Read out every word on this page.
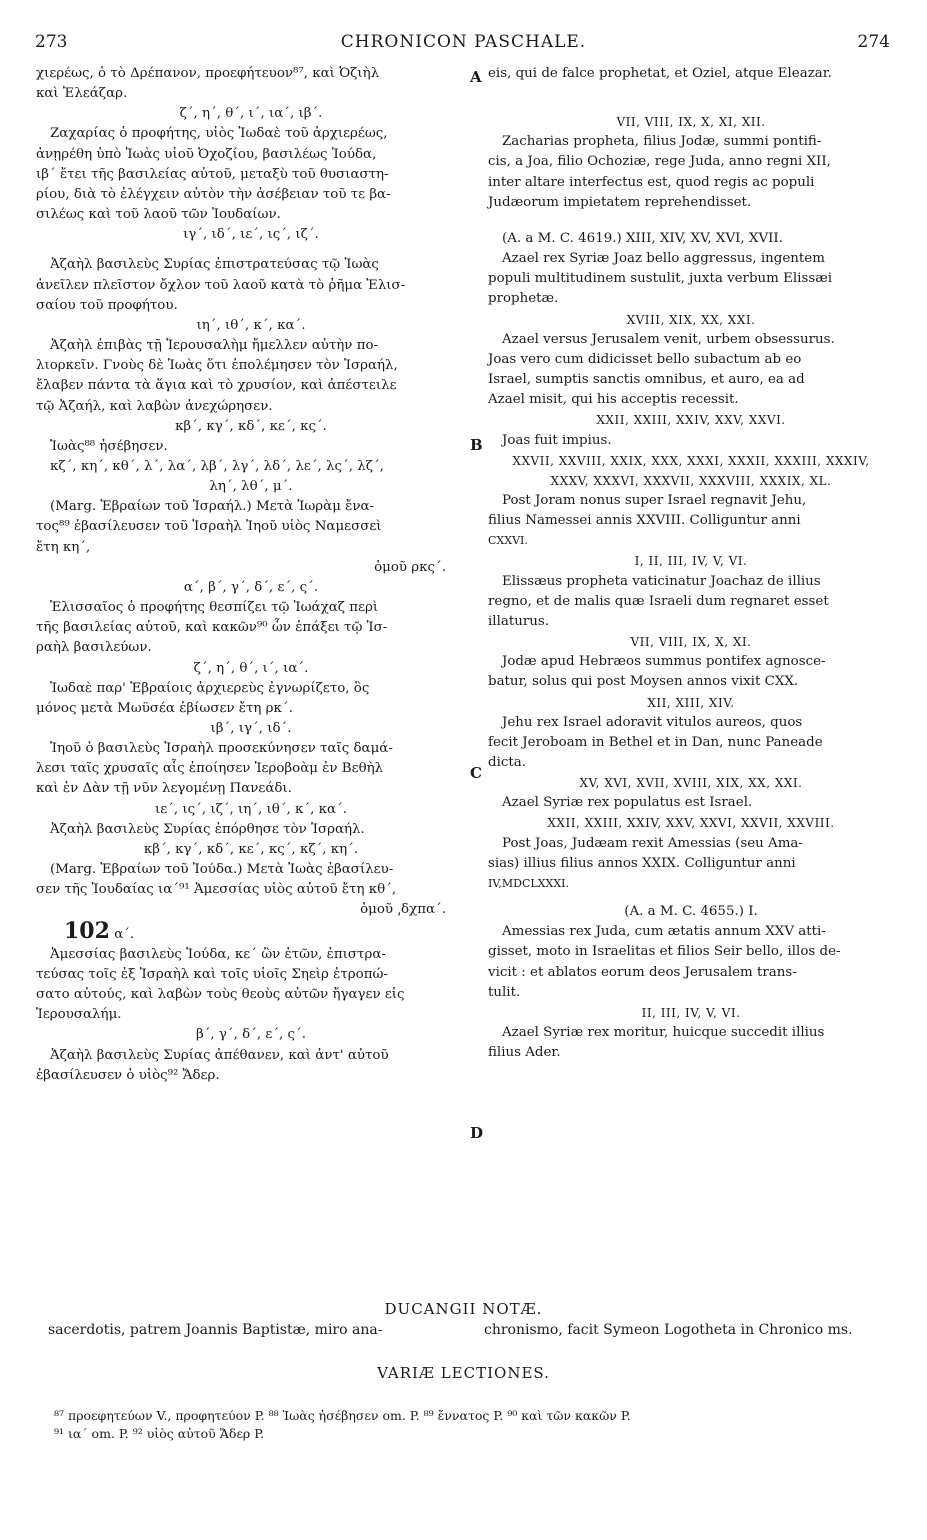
273	CHRONICON PASCHALE.	274
χιερέως, ὁ τὸ Δρέπανον, προεφήτευον⁸⁷, καὶ Ὀζιὴλ
καὶ Ἐλεάζαρ.
ζ΄, η΄, θ΄, ι΄, ια΄, ιβ΄.
Ζαχαρίας ὁ προφήτης, υἱὸς Ἰωδαὲ τοῦ ἀρχιερέως,
ἀνῃρέθη ὑπὸ Ἰωὰς υἱοῦ Ὀχοζίου, βασιλέως Ἰούδα,
ιβ΄ ἔτει τῆς βασιλείας αὐτοῦ, μεταξὺ τοῦ θυσιαστη-
ρίου, διὰ τὸ ἐλέγχειν αὐτὸν τὴν ἀσέβειαν τοῦ τε βα-
σιλέως καὶ τοῦ λαοῦ τῶν Ἰουδαίων.
ιγ΄, ιδ΄, ιε΄, ις΄, ιζ΄.
Ἀζαὴλ βασιλεὺς Συρίας ἐπιστρατεύσας τῷ Ἰωὰς
ἀνεῖλεν πλεῖστον ὄχλον τοῦ λαοῦ κατὰ τὸ ῥῆμα Ἐλισ-
σαίου τοῦ προφήτου.
ιη΄, ιθ΄, κ΄, κα΄.
Ἀζαὴλ ἐπιβὰς τῇ Ἱερουσαλὴμ ἤμελλεν αὐτὴν πο-
λιορκεῖν. Γνοὺς δὲ Ἰωὰς ὅτι ἐπολέμησεν τὸν Ἰσραήλ,
ἔλαβεν πάντα τὰ ἅγια καὶ τὸ χρυσίον, καὶ ἀπέστειλε
τῷ Ἀζαήλ, καὶ λαβὼν ἀνεχώρησεν.
κβ΄, κγ΄, κδ΄, κε΄, κς΄.
Ἰωὰς⁸⁸ ἠσέβησεν.
κζ΄, κη΄, κθ΄, λ΄, λα΄, λβ΄, λγ΄, λδ΄, λε΄, λς΄, λζ΄,
λη΄, λθ΄, μ΄.
(Marg. Ἑβραίων τοῦ Ἰσραήλ.) Μετὰ Ἰωρὰμ ἔνα-
τος⁸⁹ ἐβασίλευσεν τοῦ Ἰσραὴλ Ἰηοῦ υἱὸς Ναμεσσεὶ
ἔτη κη΄,
ὁμοῦ ρκς΄.
α΄, β΄, γ΄, δ΄, ε΄, ς΄.
Ἐλισσαῖος ὁ προφήτης θεσπίζει τῷ Ἰωάχαζ περὶ
τῆς βασιλείας αὐτοῦ, καὶ κακῶν⁹⁰ ὧν ἐπάξει τῷ Ἰσ-
ραὴλ βασιλεύων.
ζ΄, η΄, θ΄, ι΄, ια΄.
Ἰωδαὲ παρ' Ἑβραίοις ἀρχιερεὺς ἐγνωρίζετο, ὃς
μόνος μετὰ Μωϋσέα ἐβίωσεν ἔτη ρκ΄.
ιβ΄, ιγ΄, ιδ΄.
Ἰηοῦ ὁ βασιλεὺς Ἰσραὴλ προσεκύνησεν ταῖς δαμά-
λεσι ταῖς χρυσαῖς αἷς ἐποίησεν Ἱεροβοὰμ ἐν Βεθὴλ
καὶ ἐν Δὰν τῇ νῦν λεγομένῃ Πανεάδι.
ιε΄, ις΄, ιζ΄, ιη΄, ιθ΄, κ΄, κα΄.
Ἀζαὴλ βασιλεὺς Συρίας ἐπόρθησε τὸν Ἰσραήλ.
κβ΄, κγ΄, κδ΄, κε΄, κς΄, κζ΄, κη΄.
(Marg. Ἑβραίων τοῦ Ἰούδα.) Μετὰ Ἰωὰς ἐβασίλευ-
σεν τῆς Ἰουδαίας ια΄⁹¹ Ἀμεσσίας υἱὸς αὐτοῦ ἔτη κθ΄,
ὁμοῦ ͵δχπα΄.
102 α΄.
Ἀμεσσίας βασιλεὺς Ἰούδα, κε΄ ὢν ἐτῶν, ἐπιστρα-
τεύσας τοῖς ἐξ Ἰσραὴλ καὶ τοῖς υἱοῖς Σηεὶρ ἐτροπώ-
σατο αὐτούς, καὶ λαβὼν τοὺς θεοὺς αὐτῶν ἤγαγεν εἰς
Ἱερουσαλήμ.
β΄, γ΄, δ΄, ε΄, ς΄.
Ἀζαὴλ βασιλεὺς Συρίας ἀπέθανεν, καὶ ἀντ' αὐτοῦ
ἐβασίλευσεν ὁ υἱὸς⁹² Ἄδερ.
A
B
C
D
eis, qui de falce prophetat, et Oziel, atque Eleazar.
VII, VIII, IX, X, XI, XII.
Zacharias propheta, filius Jodæ, summi pontifi-
cis, a Joa, filio Ochoziæ, rege Juda, anno regni XII,
inter altare interfectus est, quod regis ac populi
Judæorum impietatem reprehendisset.
(A. a M. C. 4619.) XIII, XIV, XV, XVI, XVII.
Azael rex Syriæ Joaz bello aggressus, ingentem
populi multitudinem sustulit, juxta verbum Elissæi
prophetæ.
XVIII, XIX, XX, XXI.
Azael versus Jerusalem venit, urbem obsessurus.
Joas vero cum didicisset bello subactum ab eo
Israel, sumptis sanctis omnibus, et auro, ea ad
Azael misit, qui his acceptis recessit.
XXII, XXIII, XXIV, XXV, XXVI.
Joas fuit impius.
XXVII, XXVIII, XXIX, XXX, XXXI, XXXII, XXXIII, XXXIV,
XXXV, XXXVI, XXXVII, XXXVIII, XXXIX, XL.
Post Joram nonus super Israel regnavit Jehu,
filius Namessei annis XXVIII. Colliguntur anni
CXXVI.
I, II, III, IV, V, VI.
Elissæus propheta vaticinatur Joachaz de illius
regno, et de malis quæ Israeli dum regnaret esset
illaturus.
VII, VIII, IX, X, XI.
Jodæ apud Hebræos summus pontifex agnosce-
batur, solus qui post Moysen annos vixit CXX.
XII, XIII, XIV.
Jehu rex Israel adoravit vitulos aureos, quos
fecit Jeroboam in Bethel et in Dan, nunc Paneade
dicta.
XV, XVI, XVII, XVIII, XIX, XX, XXI.
Azael Syriæ rex populatus est Israel.
XXII, XXIII, XXIV, XXV, XXVI, XXVII, XXVIII.
Post Joas, Judæam rexit Amessias (seu Ama-
sias) illius filius annos XXIX. Colliguntur anni
IV,MDCLXXXI.
(A. a M. C. 4655.) I.
Amessias rex Juda, cum ætatis annum XXV atti-
gisset, moto in Israelitas et filios Seir bello, illos de-
vicit : et ablatos eorum deos Jerusalem trans-
tulit.
II, III, IV, V, VI.
Azael Syriæ rex moritur, huicque succedit illius
filius Ader.
DUCANGII NOTÆ.
sacerdotis, patrem Joannis Baptistæ, miro ana-	chronismo, facit Symeon Logotheta in Chronico ms.
VARIÆ LECTIONES.
⁸⁷ προεφητεύων V., προφητεύον P. ⁸⁸ Ἰωὰς ἠσέβησεν om. P. ⁸⁹ ἔννατος P. ⁹⁰ καὶ τῶν κακῶν P.
⁹¹ ια΄ om. P. ⁹² υἱὸς αὐτοῦ Ἄδερ P.
